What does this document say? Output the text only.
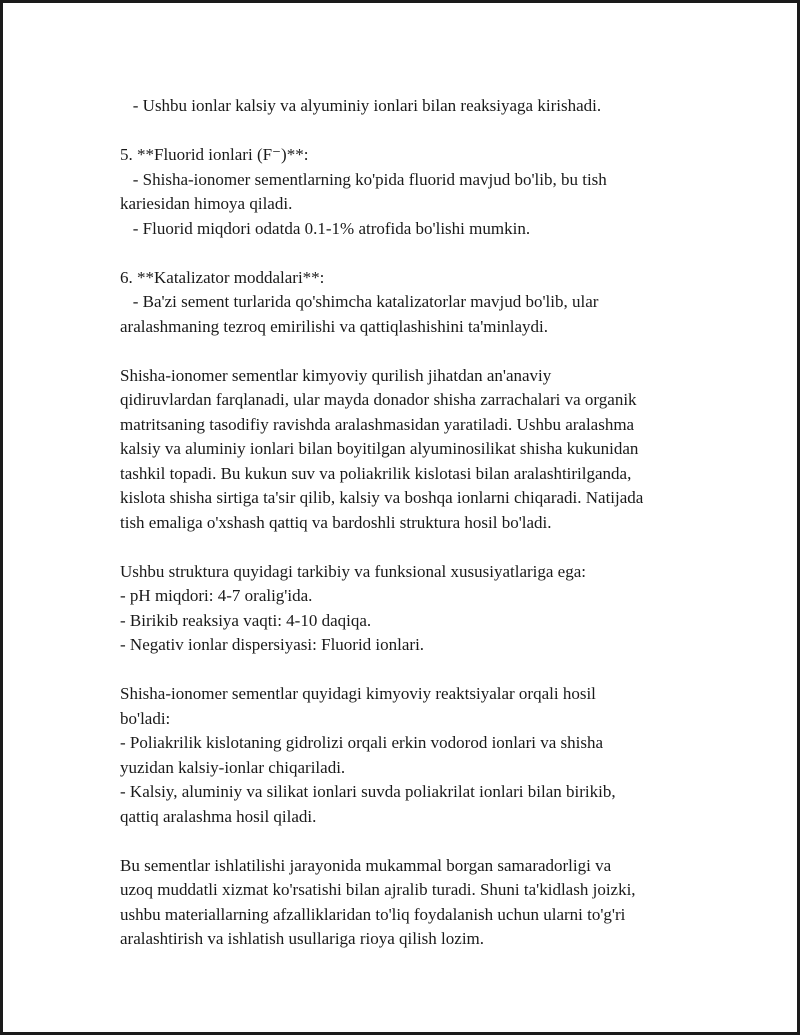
- Ushbu ionlar kalsiy va alyuminiy ionlari bilan reaksiyaga kirishadi.
5. **Fluorid ionlari (F⁻)**:
- Shisha-ionomer sementlarning ko'pida fluorid mavjud bo'lib, bu tish
kariesidan himoya qiladi.
- Fluorid miqdori odatda 0.1-1% atrofida bo'lishi mumkin.
6. **Katalizator moddalari**:
- Ba'zi sement turlarida qo'shimcha katalizatorlar mavjud bo'lib, ular
aralashmaning tezroq emirilishi va qattiqlashishini ta'minlaydi.
Shisha-ionomer sementlar kimyoviy qurilish jihatdan an'anaviy
qidiruvlardan farqlanadi, ular mayda donador shisha zarrachalari va organik
matritsaning tasodifiy ravishda aralashmasidan yaratiladi. Ushbu aralashma
kalsiy va aluminiy ionlari bilan boyitilgan alyuminosilikat shisha kukunidan
tashkil topadi. Bu kukun suv va poliakrilik kislotasi bilan aralashtirilganda,
kislota shisha sirtiga ta'sir qilib, kalsiy va boshqa ionlarni chiqaradi. Natijada
tish emaliga o'xshash qattiq va bardoshli struktura hosil bo'ladi.
Ushbu struktura quyidagi tarkibiy va funksional xususiyatlariga ega:
- pH miqdori: 4-7 oralig'ida.
- Birikib reaksiya vaqti: 4-10 daqiqa.
- Negativ ionlar dispersiyasi: Fluorid ionlari.
Shisha-ionomer sementlar quyidagi kimyoviy reaktsiyalar orqali hosil
bo'ladi:
- Poliakrilik kislotaning gidrolizi orqali erkin vodorod ionlari va shisha
yuzidan kalsiy-ionlar chiqariladi.
- Kalsiy, aluminiy va silikat ionlari suvda poliakrilat ionlari bilan birikib,
qattiq aralashma hosil qiladi.
Bu sementlar ishlatilishi jarayonida mukammal borgan samaradorligi va
uzoq muddatli xizmat ko'rsatishi bilan ajralib turadi. Shuni ta'kidlash joizki,
ushbu materiallarning afzalliklaridan to'liq foydalanish uchun ularni to'g'ri
aralashtirish va ishlatish usullariga rioya qilish lozim.
